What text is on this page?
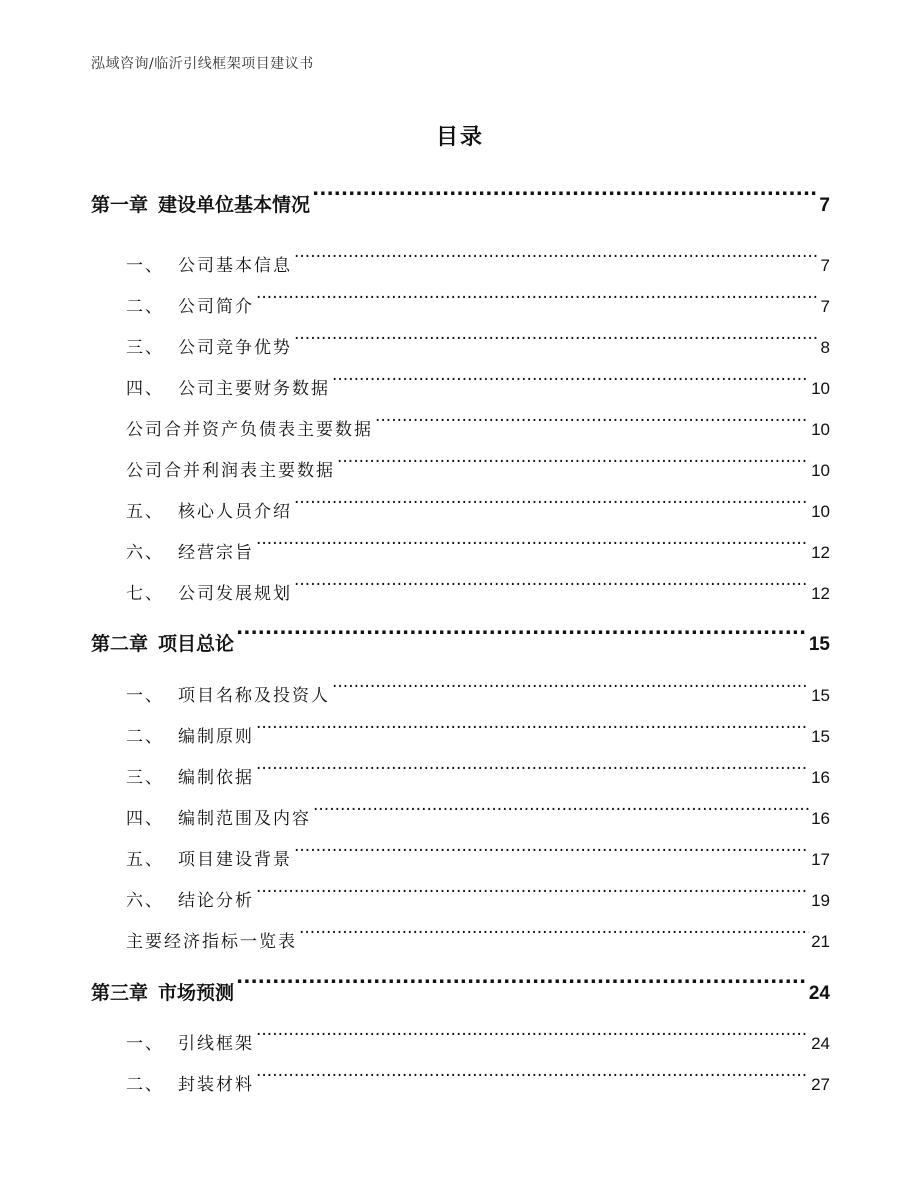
泓域咨询/临沂引线框架项目建议书
目录
第一章 建设单位基本情况 .....	7
一、 公司基本信息 .....	7
二、 公司简介 .....	7
三、 公司竞争优势 .....	8
四、 公司主要财务数据 .....	10
公司合并资产负债表主要数据 .....	10
公司合并利润表主要数据 .....	10
五、 核心人员介绍 .....	10
六、 经营宗旨 .....	12
七、 公司发展规划 .....	12
第二章 项目总论 .....	15
一、 项目名称及投资人 .....	15
二、 编制原则 .....	15
三、 编制依据 .....	16
四、 编制范围及内容 .....	16
五、 项目建设背景 .....	17
六、 结论分析 .....	19
主要经济指标一览表 .....	21
第三章 市场预测 .....	24
一、 引线框架 .....	24
二、 封装材料 .....	27
